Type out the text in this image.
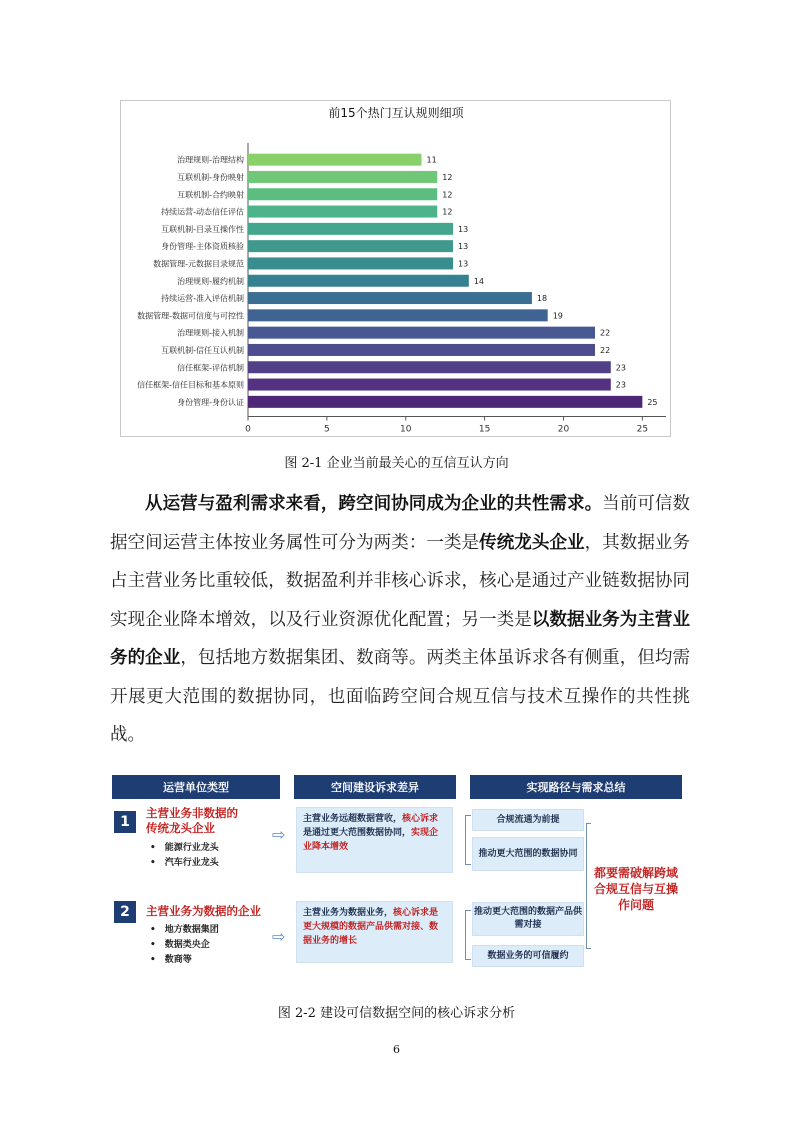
前15个热门互认规则细项
治理规则-治理结构	11
互联机制-身份映射	12
互联机制-合约映射	12
持续运营-动态信任评估	12
互联机制-目录互操作性	13
身份管理-主体资质核验	13
数据管理-元数据目录规范	13
治理规则-履约机制	14
持续运营-准入评估机制	18
数据管理-数据可信度与可控性	19
治理规则-接入机制	22
互联机制-信任互认机制	22
信任框架-评估机制	23
信任框架-信任目标和基本原则	23
身份管理-身份认证	25
0	5	10	15	20	25
图 2-1 企业当前最关心的互信互认方向
从运营与盈利需求来看，跨空间协同成为企业的共性需求。当前可信数据空间运营主体按业务属性可分为两类：一类是传统龙头企业，其数据业务占主营业务比重较低，数据盈利并非核心诉求，核心是通过产业链数据协同实现企业降本增效，以及行业资源优化配置；另一类是以数据业务为主营业务的企业，包括地方数据集团、数商等。两类主体虽诉求各有侧重，但均需开展更大范围的数据协同，也面临跨空间合规互信与技术互操作的共性挑战。
运营单位类型	空间建设诉求差异	实现路径与需求总结
1
主营业务非数据的
传统龙头企业
• 能源行业龙头
• 汽车行业龙头
⇨
主营业务远超数据营收，核心诉求是通过更大范围数据协同，实现企业降本增效
合规流通为前提
推动更大范围的数据协同
2	主营业务为数据的企业
• 地方数据集团
• 数据类央企
• 数商等
⇨
主营业务为数据业务，核心诉求是更大规模的数据产品供需对接、数据业务的增长
推动更大范围的数据产品供需对接
数据业务的可信履约
都要需破解跨域合规互信与互操作问题
图 2-2 建设可信数据空间的核心诉求分析
6
